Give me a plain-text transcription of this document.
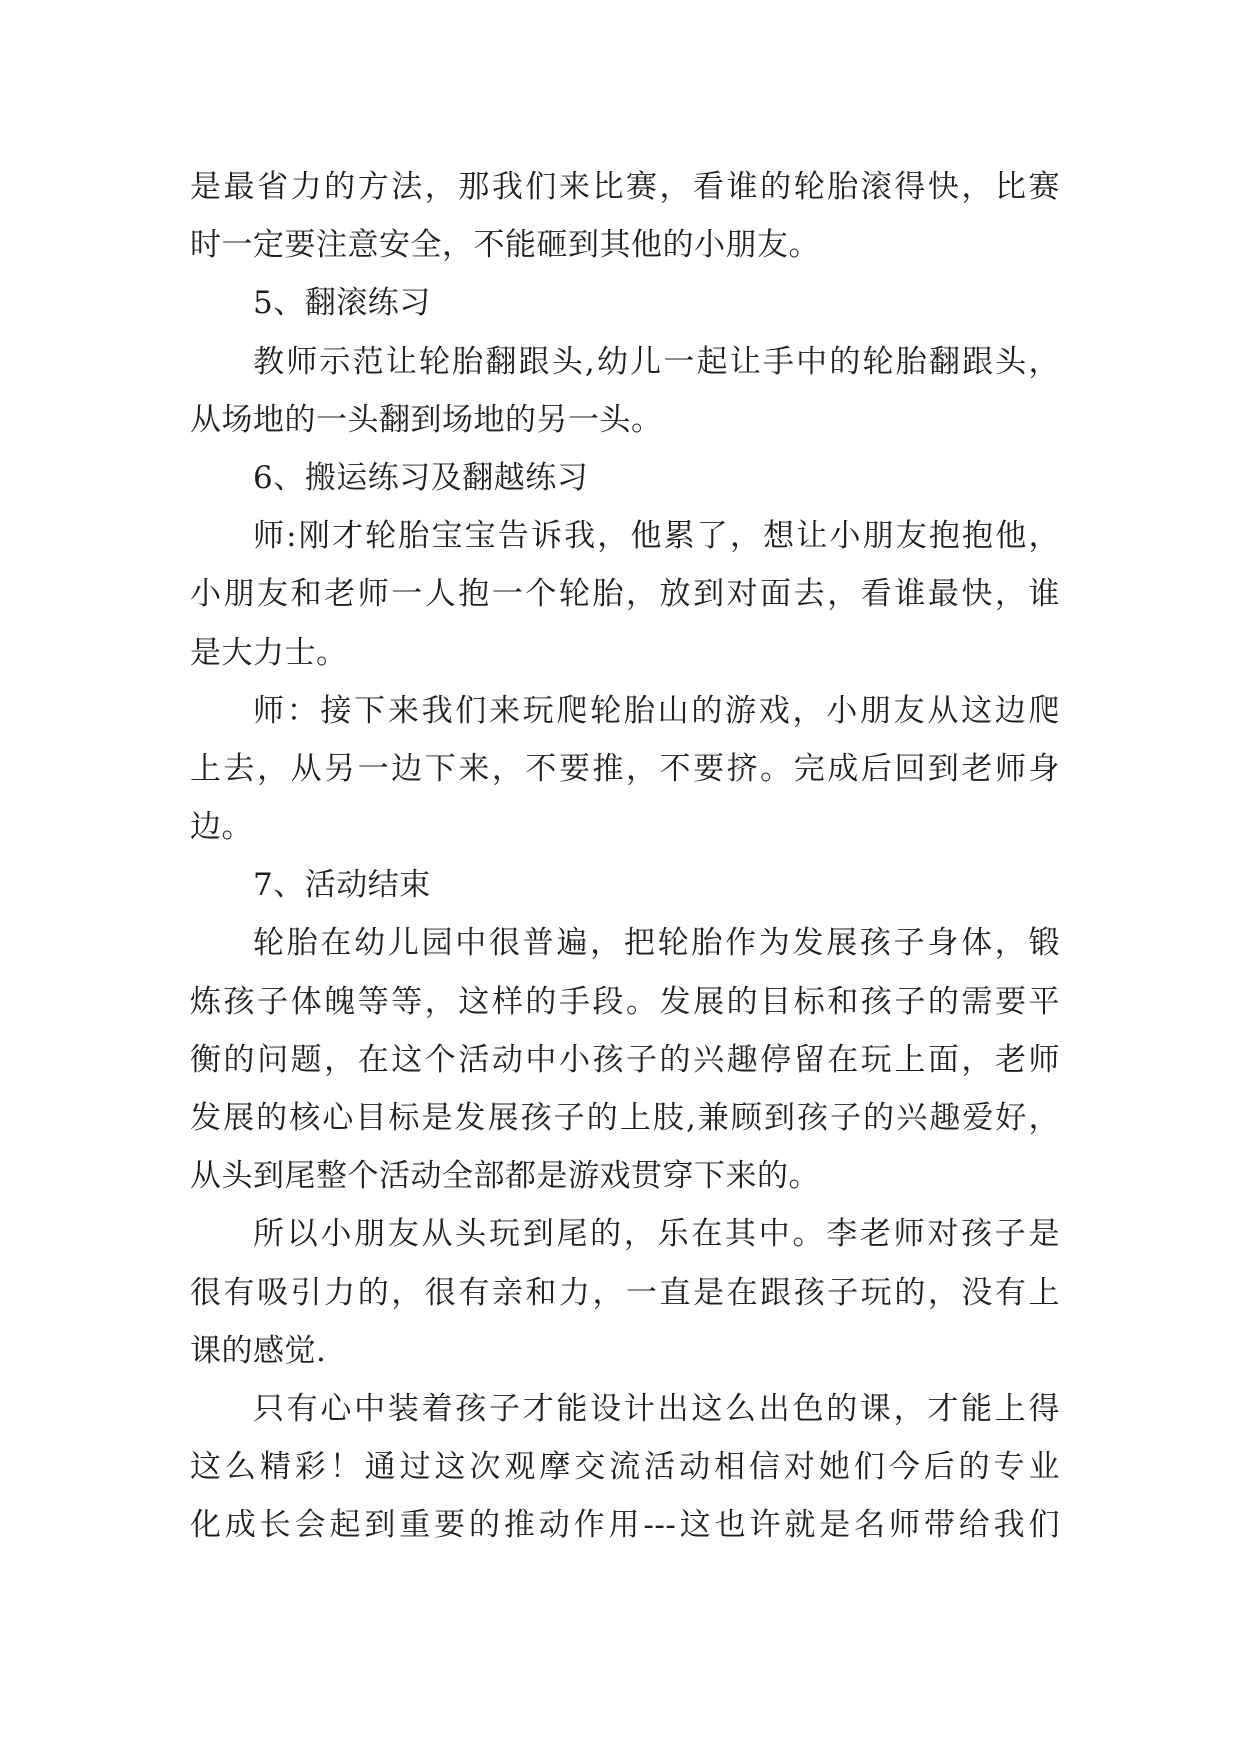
是最省力的方法，那我们来比赛，看谁的轮胎滚得快，比赛
时一定要注意安全，不能砸到其他的小朋友。
5、翻滚练习
教师示范让轮胎翻跟头,幼儿一起让手中的轮胎翻跟头，
从场地的一头翻到场地的另一头。
6、搬运练习及翻越练习
师:刚才轮胎宝宝告诉我，他累了，想让小朋友抱抱他，
小朋友和老师一人抱一个轮胎，放到对面去，看谁最快，谁
是大力士。
师：接下来我们来玩爬轮胎山的游戏，小朋友从这边爬
上去，从另一边下来，不要推，不要挤。完成后回到老师身
边。
7、活动结束
轮胎在幼儿园中很普遍，把轮胎作为发展孩子身体，锻
炼孩子体魄等等，这样的手段。发展的目标和孩子的需要平
衡的问题，在这个活动中小孩子的兴趣停留在玩上面，老师
发展的核心目标是发展孩子的上肢,兼顾到孩子的兴趣爱好，
从头到尾整个活动全部都是游戏贯穿下来的。
所以小朋友从头玩到尾的，乐在其中。李老师对孩子是
很有吸引力的，很有亲和力，一直是在跟孩子玩的，没有上
课的感觉.
只有心中装着孩子才能设计出这么出色的课，才能上得
这么精彩！通过这次观摩交流活动相信对她们今后的专业
化成长会起到重要的推动作用---这也许就是名师带给我们
